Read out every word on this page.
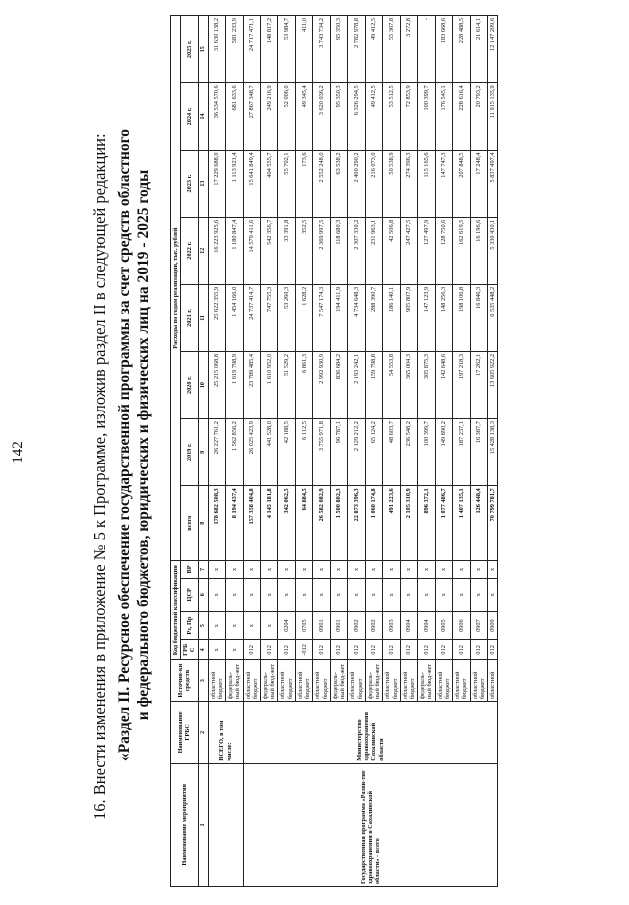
142	16. Внести изменения в приложение № 5 к Программе, изложив раздел II в следующей редакции: «Раздел II. Ресурсное обеспечение государственной программы за счет средств областного и федерального бюджетов, юридических и физических лиц на 2019 - 2025 годы
Наименование мероприятия	Наименование ГРБС	Источни-ки средств	Код бюджетной классификации				Расходы по годам реализации, тыс. рублей							
			ГРБ С	Рз, Пр	ЦСР	ВР	всего	2019 г.	2020 г.	2021 г.	2022 г.	2023 г.	2024 г.	2025 г.
1	2	3	4	5	6	7	8	9	10	11	12	13	14	15
	ВСЕГО, в том числе:	областной бюджет	x	x	x	x	178 682 508,3	26 227 761,2	25 215 068,8	25 622 355,9	16 223 925,6	17 229 688,0	36 534 570,6	31 630 138,2
		федераль-ный бюд-жет	x	x	x	x	8 194 437,4	1 562 856,2	1 619 798,9	1 454 166,0	1 180 847,4	1 113 921,4	681 633,6	581 233,9
Государственная программа «Разви-тие здравоохранения в Сахалинской области» - всего	Министерство здравоохранения Сахалинской области	областной бюджет	012	x	x	x	157 358 404,8	26 025 423,9	23 789 485,4	24 737 414,7	14 579 411,6	15 641 849,4	27 867 348,7	24 717 471,1
		федераль-ный бюд-жет	012	x	x	x	4 145 181,8	441 528,0	1 610 952,0	747 755,3	542 356,7	404 555,7	249 216,9	148 817,2
		областной бюджет	012	0204	x	x	342 062,5	42 188,5	51 529,2	53 260,3	33 391,8	55 702,1	52 006,0	53 984,7
		областной бюджет	-012	0705	x	x	64 884,5	6 112,5	6 861,3	1 628,2	352,5	173,6	49 345,4	411,0
		областной бюджет	012	0901	x	x	26 582 082,9	3 755 971,8	2 992 930,9	7 547 174,3	2 369 997,5	2 552 248,0	3 620 036,2	3 743 734,2
		федераль-ный бюд-жет	012	0901	x	x	1 500 802,3	96 787,1	836 684,2	194 411,9	118 680,3	63 538,2	95 350,3	95 350,3
		областной бюджет	012	0902	x	x	22 873 396,3	2 129 212,2	2 193 242,1	4 734 648,3	2 307 330,2	2 400 290,2	6 326 294,5	2 782 978,8
		федераль-ный бюд-жет	012	0902	x	x	1 060 174,8	65 124,2	159 798,8	288 390,7	231 963,1	216 073,0	49 412,5	49 412,5
		областной бюджет	012	0903	x	x	491 223,6	48 603,7	54 553,8	186 140,1	42 506,8	50 538,9	53 512,5	55 367,8
		областной бюджет	012	0904	x	x	2 105 310,9	236 548,2	365 004,3	905 807,9	247 427,5	274 396,3	72 853,9	3 272,8
		федераль-ный бюд-жет	012	0904	x	x	896 372,1	100 399,7	305 875,3	147 123,9	127 497,9	115 165,6	100 399,7	-
		областной бюджет	012	0905	x	x	1 077 486,7	149 890,2	142 648,6	148 256,3	128 750,6	147 747,3	176 545,1	183 668,6
		областной бюджет	012	0906	x	x	1 407 135,1	187 237,1	197 218,3	198 106,8	162 619,5	207 848,5	228 616,4	228 488,5
		областной бюджет	012	0907	x	x	126 448,4	16 387,7	17 262,1	16 846,3	16 196,6	17 248,4	20 793,2	21 614,1
		областной	012	0909	x	x	70 799 781,7	15 428 138,3	13 605 922,2	6 535 448,2	5 330 430,1	5 837 497,4	11 915 135,9	12 147 209,6
